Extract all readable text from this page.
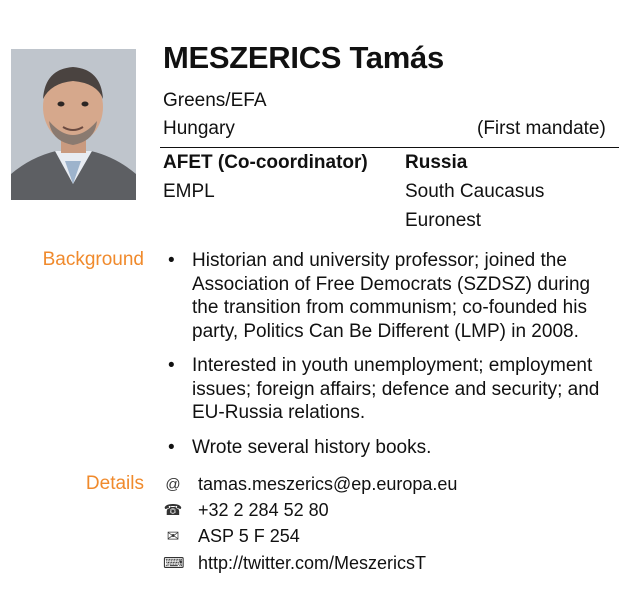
MESZERICS Tamás
Greens/EFA
Hungary	(First mandate)
AFET (Co-coordinator)
EMPL
Russia
South Caucasus
Euronest
Background
•	Historian and university professor; joined the Association of Free Democrats (SZDSZ) during the transition from communism; co-founded his party, Politics Can Be Different (LMP) in 2008.
• Interested in youth unemployment; employment issues; foreign affairs; defence and security; and EU-Russia relations.
• Wrote several history books.
Details @ tamas.meszerics@ep.europa.eu
☎ +32 2 284 52 80
✉ ASP 5 F 254
⌨ http://twitter.com/MeszericsT
